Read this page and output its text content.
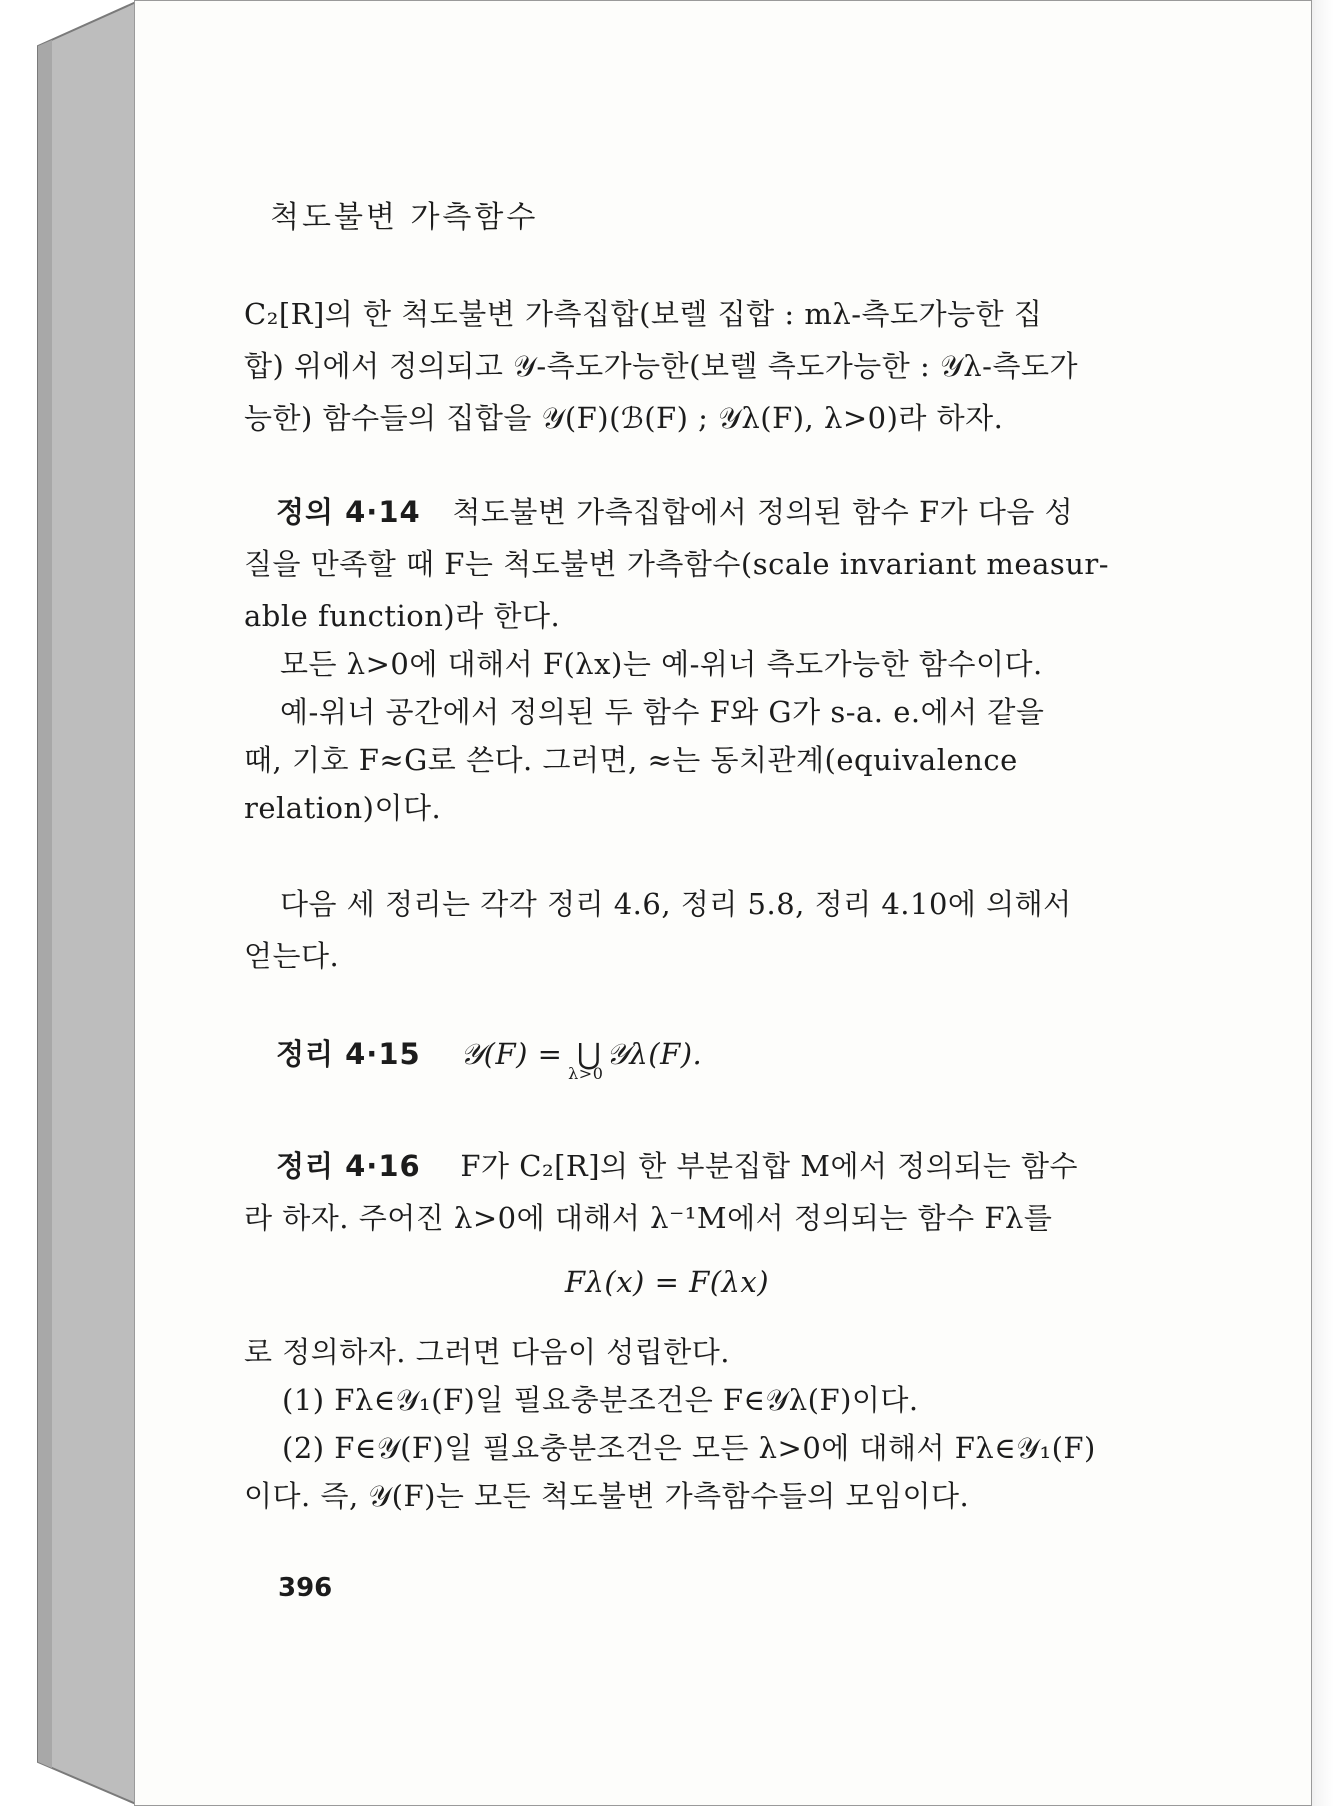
척도불변 가측함수
C₂[R]의 한 척도불변 가측집합(보렐 집합 : mλ-측도가능한 집
합) 위에서 정의되고 𝒴-측도가능한(보렐 측도가능한 : 𝒴λ-측도가
능한) 함수들의 집합을 𝒴(F)(ℬ(F) ; 𝒴λ(F), λ>0)라 하자.
정의 4·14 척도불변 가측집합에서 정의된 함수 F가 다음 성
질을 만족할 때 F는 척도불변 가측함수(scale invariant measur-
able function)라 한다.
모든 λ>0에 대해서 F(λx)는 예-위너 측도가능한 함수이다.
예-위너 공간에서 정의된 두 함수 F와 G가 s-a. e.에서 같을
때, 기호 F≈G로 쓴다. 그러면, ≈는 동치관계(equivalence
relation)이다.
다음 세 정리는 각각 정리 4.6, 정리 5.8, 정리 4.10에 의해서
얻는다.
정리 4·15 𝒴(F) = ⋃
λ>0
𝒴λ(F).
정리 4·16 F가 C₂[R]의 한 부분집합 M에서 정의되는 함수
라 하자. 주어진 λ>0에 대해서 λ⁻¹M에서 정의되는 함수 Fλ를
Fλ(x) = F(λx)
로 정의하자. 그러면 다음이 성립한다.
(1) Fλ∈𝒴₁(F)일 필요충분조건은 F∈𝒴λ(F)이다.
(2) F∈𝒴(F)일 필요충분조건은 모든 λ>0에 대해서 Fλ∈𝒴₁(F)
이다. 즉, 𝒴(F)는 모든 척도불변 가측함수들의 모임이다.
396
